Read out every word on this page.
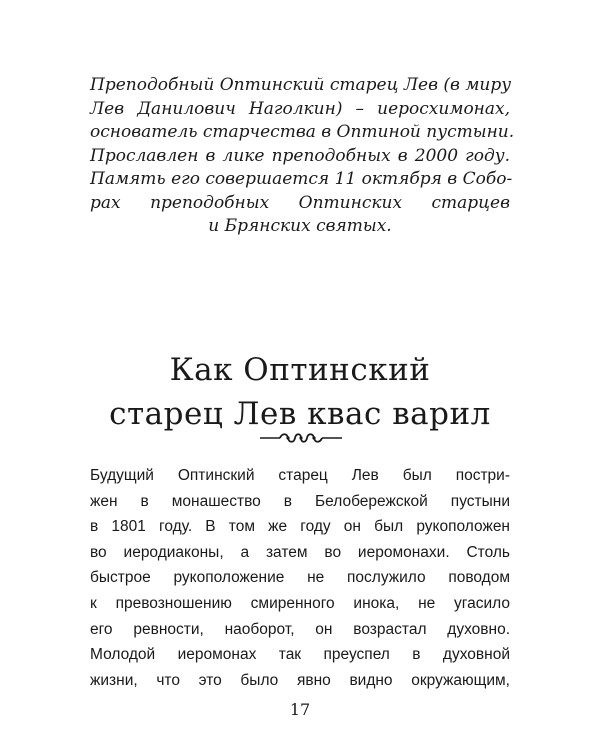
Преподобный Оптинский старец Лев (в миру
Лев Данилович Наголкин) – иеросхимонах,
основатель старчества в Оптиной пустыни.
Прославлен в лике преподобных в 2000 году.
Память его совершается 11 октября в Собо-
рах преподобных Оптинских старцев
и Брянских святых.
Как Оптинский
старец Лев квас варил
Будущий Оптинский старец Лев был постри-
жен в монашество в Белобережской пустыни
в 1801 году. В том же году он был рукоположен
во иеродиаконы, а затем во иеромонахи. Столь
быстрое рукоположение не послужило поводом
к превозношению смиренного инока, не угасило
его ревности, наоборот, он возрастал духовно.
Молодой иеромонах так преуспел в духовной
жизни, что это было явно видно окружающим,
17
